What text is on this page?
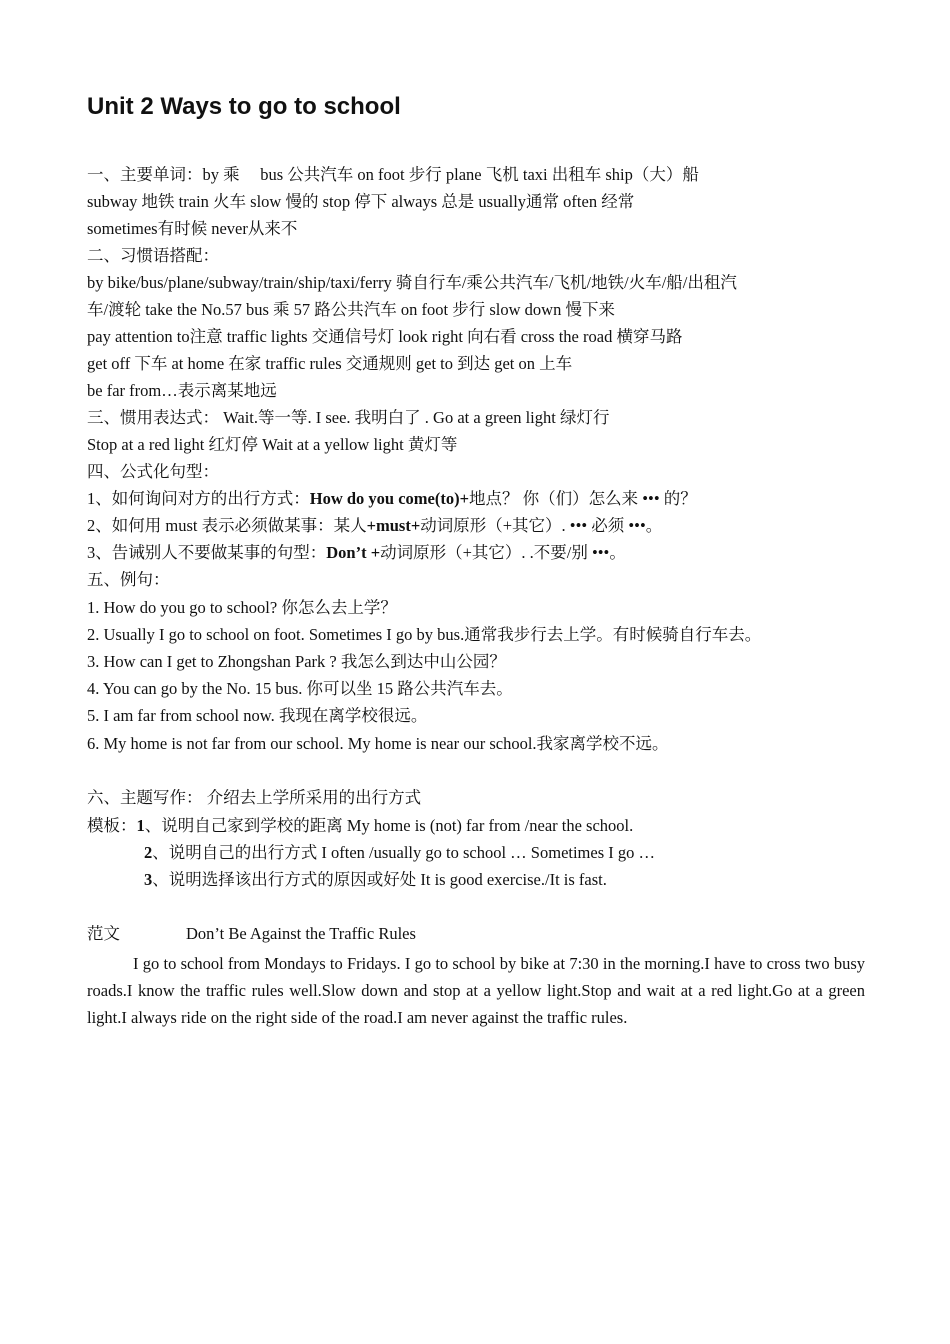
Unit 2 Ways to go to school
一、主要单词：by 乘　 bus 公共汽车 on foot 步行 plane 飞机 taxi 出租车 ship（大）船
subway 地铁 train 火车 slow 慢的 stop 停下 always 总是 usually通常 often 经常
sometimes有时候 never从来不
二、习惯语搭配：
by bike/bus/plane/subway/train/ship/taxi/ferry 骑自行车/乘公共汽车/飞机/地铁/火车/船/出租汽
车/渡轮 take the No.57 bus 乘 57 路公共汽车 on foot 步行 slow down 慢下来
pay attention to注意 traffic lights 交通信号灯 look right 向右看 cross the road 横穿马路
get off 下车 at home 在家 traffic rules 交通规则 get to 到达 get on 上车
be far from…表示离某地远
三、惯用表达式： Wait.等一等. I see. 我明白了 . Go at a green light 绿灯行
Stop at a red light 红灯停 Wait at a yellow light 黄灯等
四、公式化句型：
1、如何询问对方的出行方式：How do you come(to)+地点？ 你（们）怎么来 ••• 的？
2、如何用 must 表示必须做某事：某人+must+动词原形（+其它）. ••• 必须 •••。
3、告诫别人不要做某事的句型：Don’t +动词原形（+其它）. .不要/别 •••。
五、例句：
1. How do you go to school? 你怎么去上学？
2. Usually I go to school on foot. Sometimes I go by bus.通常我步行去上学。有时候骑自行车去。
3. How can I get to Zhongshan Park ? 我怎么到达中山公园？
4. You can go by the No. 15 bus. 你可以坐 15 路公共汽车去。
5. I am far from school now. 我现在离学校很远。
6. My home is not far from our school. My home is near our school.我家离学校不远。
六、主题写作： 介绍去上学所采用的出行方式
模板：1、说明自己家到学校的距离 My home is (not) far from /near the school.
2、说明自己的出行方式 I often /usually go to school … Sometimes I go …
3、说明选择该出行方式的原因或好处 It is good exercise./It is fast.
范文	Don’t Be Against the Traffic Rules
I go to school from Mondays to Fridays. I go to school by bike at 7:30 in the morning.I have to cross two busy roads.I know the traffic rules well.Slow down and stop at a yellow light.Stop and wait at a red light.Go at a green light.I always ride on the right side of the road.I am never against the traffic rules.
